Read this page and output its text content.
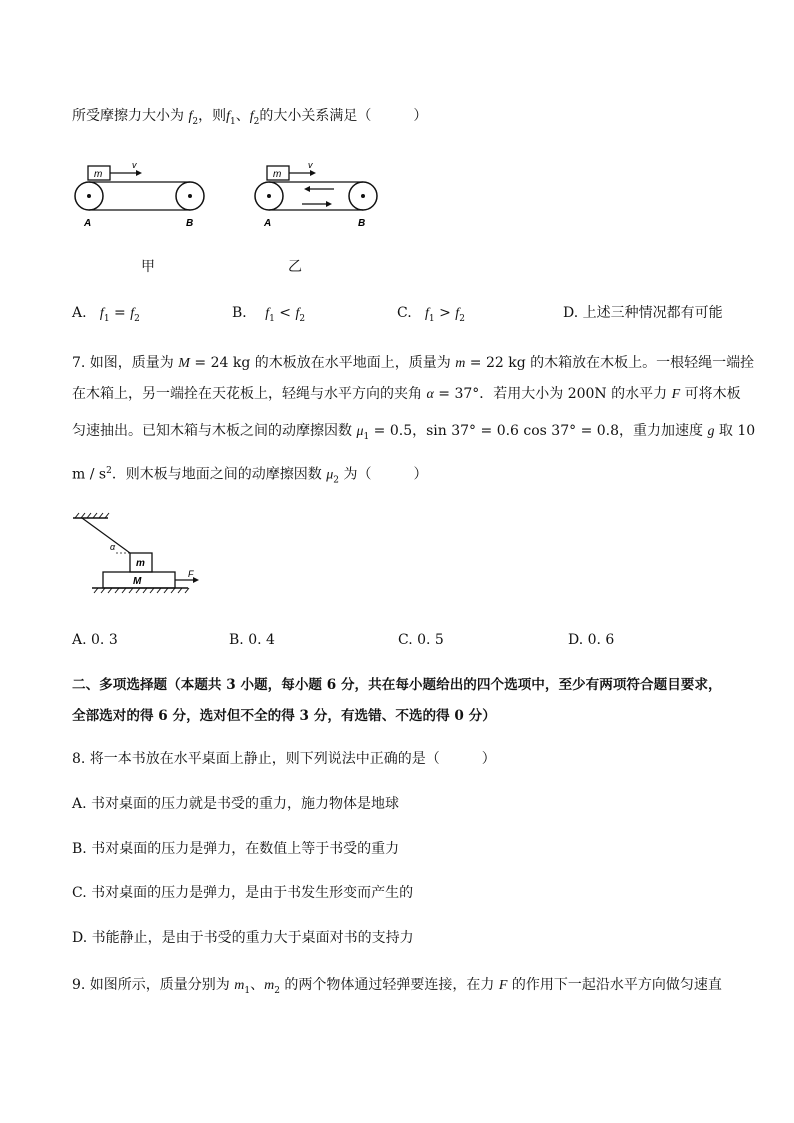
所受摩擦力大小为 $f_2$，则$f_1$、$f_2$的大小关系满足（　　　）
m
v
A	B
甲
m
v
A	B
乙
A. $f_1 = f_2$	B． $f_1 < f_2$	C. $f_1 > f_2$	D. 上述三种情况都有可能
7. 如图，质量为 M = 24 kg 的木板放在水平地面上，质量为 m = 22 kg 的木箱放在木板上。一根轻绳一端拴
在木箱上，另一端拴在天花板上，轻绳与水平方向的夹角 α = 37°．若用大小为 200N 的水平力 F 可将木板
匀速抽出。已知木箱与木板之间的动摩擦因数 $\mu_1 = 0.5$，sin 37° = 0.6 cos 37° = 0.8，重力加速度 g 取 10
m / $s^2$．则木板与地面之间的动摩擦因数 $\mu_2$ 为（　　　）
α
m
M
F
A. 0. 3	B. 0. 4	C. 0. 5	D. 0. 6
二、多项选择题（本题共 3 小题，每小题 6 分，共在每小题给出的四个选项中，至少有两项符合题目要求，
全部选对的得 6 分，选对但不全的得 3 分，有选错、不选的得 0 分）
8. 将一本书放在水平桌面上静止，则下列说法中正确的是（　　　）
A. 书对桌面的压力就是书受的重力，施力物体是地球
B. 书对桌面的压力是弹力，在数值上等于书受的重力
C. 书对桌面的压力是弹力，是由于书发生形变而产生的
D. 书能静止，是由于书受的重力大于桌面对书的支持力
9. 如图所示，质量分别为 $m_1$、$m_2$ 的两个物体通过轻弹要连接，在力 F 的作用下一起沿水平方向做匀速直
